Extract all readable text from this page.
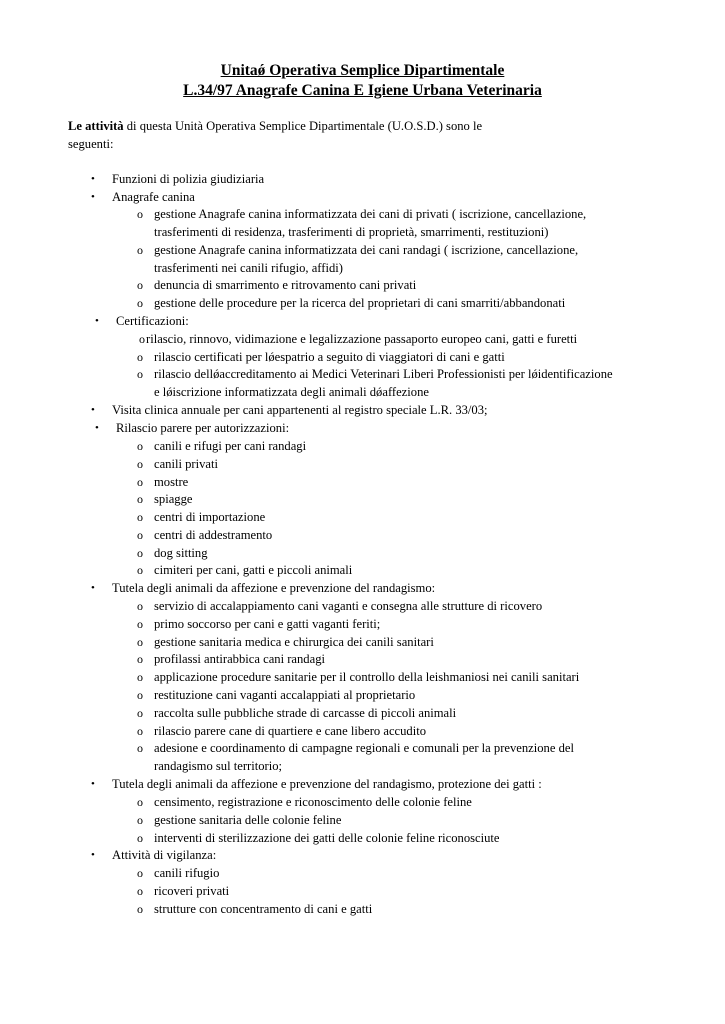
Unitaǿ Operativa Semplice Dipartimentale
L.34/97 Anagrafe Canina E Igiene Urbana Veterinaria
Le attività di questa Unità Operativa Semplice Dipartimentale (U.O.S.D.) sono le
seguenti:
• Funzioni di polizia giudiziaria
• Anagrafe canina
o gestione Anagrafe canina informatizzata dei cani di privati ( iscrizione, cancellazione,
trasferimenti di residenza, trasferimenti di proprietà, smarrimenti, restituzioni)
o gestione Anagrafe canina informatizzata dei cani randagi ( iscrizione, cancellazione,
trasferimenti nei canili rifugio, affidi)
o denuncia di smarrimento e ritrovamento cani privati
o gestione delle procedure per la ricerca del proprietari di cani smarriti/abbandonati
• Certificazioni:
o rilascio, rinnovo, vidimazione e legalizzazione passaporto europeo cani, gatti e furetti
o rilascio certificati per lǿespatrio a seguito di viaggiatori di cani e gatti
o rilascio dellǿaccreditamento ai Medici Veterinari Liberi Professionisti per lǿidentificazione
e lǿiscrizione informatizzata degli animali dǿaffezione
• Visita clinica annuale per cani appartenenti al registro speciale L.R. 33/03;
• Rilascio parere per autorizzazioni:
o canili e rifugi per cani randagi
o canili privati
o mostre
o spiagge
o centri di importazione
o centri di addestramento
o dog sitting
o cimiteri per cani, gatti e piccoli animali
• Tutela degli animali da affezione e prevenzione del randagismo:
o servizio di accalappiamento cani vaganti e consegna alle strutture di ricovero
o primo soccorso per cani e gatti vaganti feriti;
o gestione sanitaria medica e chirurgica dei canili sanitari
o profilassi antirabbica cani randagi
o applicazione procedure sanitarie per il controllo della leishmaniosi nei canili sanitari
o restituzione cani vaganti accalappiati al proprietario
o raccolta sulle pubbliche strade di carcasse di piccoli animali
o rilascio parere cane di quartiere e cane libero accudito
o adesione e coordinamento di campagne regionali e comunali per la prevenzione del
randagismo sul territorio;
• Tutela degli animali da affezione e prevenzione del randagismo, protezione dei gatti :
o censimento, registrazione e riconoscimento delle colonie feline
o gestione sanitaria delle colonie feline
o interventi di sterilizzazione dei gatti delle colonie feline riconosciute
• Attività di vigilanza:
o canili rifugio
o ricoveri privati
o strutture con concentramento di cani e gatti
